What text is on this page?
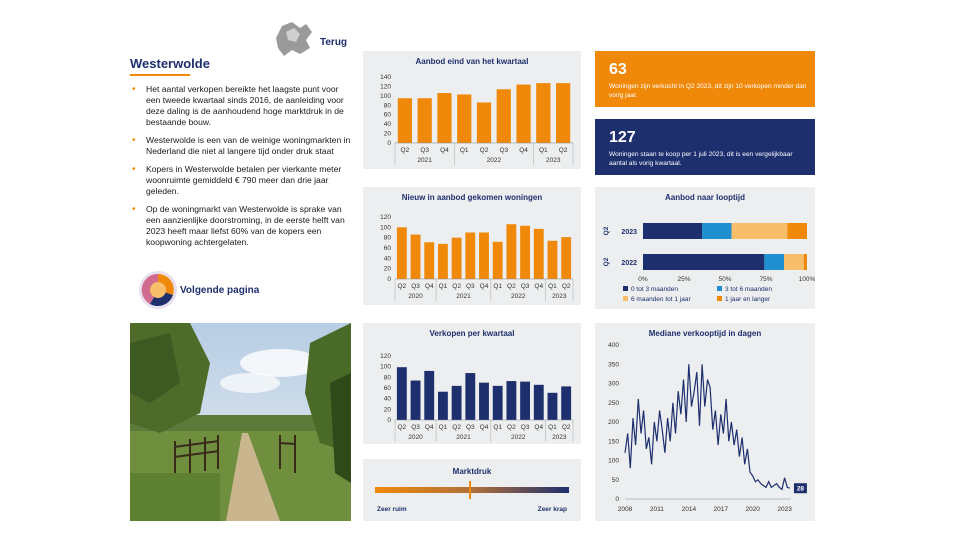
Terug
Westerwolde
• Het aantal verkopen bereikte het laagste punt voor een tweede kwartaal sinds 2016, de aanleiding voor deze daling is de aanhoudend hoge marktdruk in de bestaande bouw.
• Westerwolde is een van de weinige woningmarkten in Nederland die niet al langere tijd onder druk staat
• Kopers in Westerwolde betalen per vierkante meter woonruimte gemiddeld € 790 meer dan drie jaar geleden.
• Op de woningmarkt van Westerwolde is sprake van een aanzienlijke doorstroming, in de eerste helft van 2023 heeft maar liefst 60% van de kopers een koopwoning achtergelaten.
Volgende pagina
Aanbod eind van het kwartaal
0
20
40
60
80
100
120
140
Q2 Q3 Q4 Q1 Q2 Q3 Q4 Q1 Q2
2021	2022	2023
Nieuw in aanbod gekomen woningen
0
20
40
60
80
100
120
Q2 Q3 Q4 Q1 Q2 Q3 Q4 Q1 Q2 Q3 Q4 Q1 Q2
2020	2021	2022	2023
Verkopen per kwartaal
0
20
40
60
80
100
120
Q2 Q3 Q4 Q1 Q2 Q3 Q4 Q1 Q2 Q3 Q4 Q1 Q2
2020	2021	2022	2023
Marktdruk
Zeer ruim	Zeer krap
63
Woningen zijn verkocht in Q2 2023, dit zijn 10 verkopen minder dan vorig jaar.
127
Woningen staan te koop per 1 juli 2023, dit is een vergelijkbaar aantal als vorig kwartaal.
Aanbod naar looptijd
2023
Q2
2022
Q2
0%	25%	50%	75%	100%
0 tot 3 maanden	3 tot 6 maanden
6 maanden tot 1 jaar	1 jaar en langer
Mediane verkooptijd in dagen
0
50
100
150
200
250
300
350
400
2008	2011	2014	2017	2020	2023
28
